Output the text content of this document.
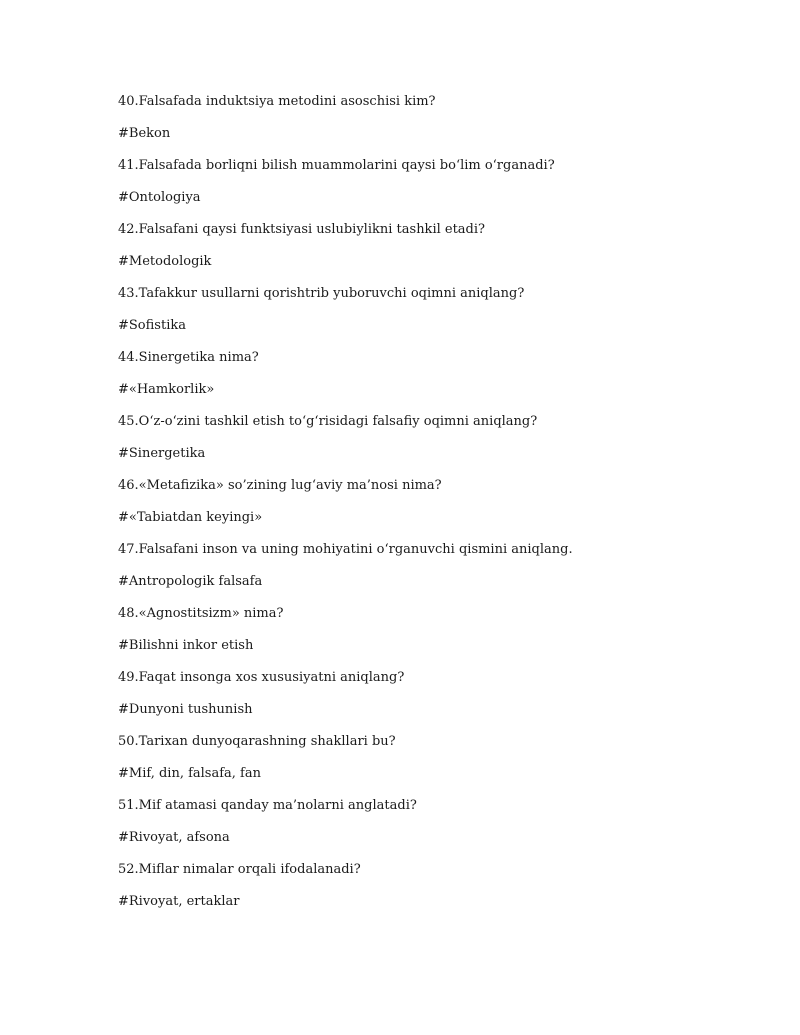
40.Falsafada induktsiya metodini asoschisi kim?
#Bekon
41.Falsafada borliqni bilish muammolarini qaysi bo‘lim o‘rganadi?
#Ontologiya
42.Falsafani qaysi funktsiyasi uslubiylikni tashkil etadi?
#Metodologik
43.Tafakkur usullarni qorishtrib yuboruvchi oqimni aniqlang?
#Sofistika
44.Sinergetika nima?
#«Hamkorlik»
45.O‘z-o‘zini tashkil etish to‘g‘risidagi falsafiy oqimni aniqlang?
#Sinergetika
46.«Metafizika» so’zining lug‘aviy ma’nosi nima?
#«Tabiatdan keyingi»
47.Falsafani inson va uning mohiyatini o‘rganuvchi qismini aniqlang.
#Antropologik falsafa
48.«Agnostitsizm» nima?
#Bilishni inkor etish
49.Faqat insonga xos xususiyatni aniqlang?
#Dunyoni tushunish
50.Tarixan dunyoqarashning shakllari bu?
#Mif, din, falsafa, fan
51.Mif atamasi qanday ma’nolarni anglatadi?
#Rivoyat, afsona
52.Miflar nimalar orqali ifodalanadi?
#Rivoyat, ertaklar
